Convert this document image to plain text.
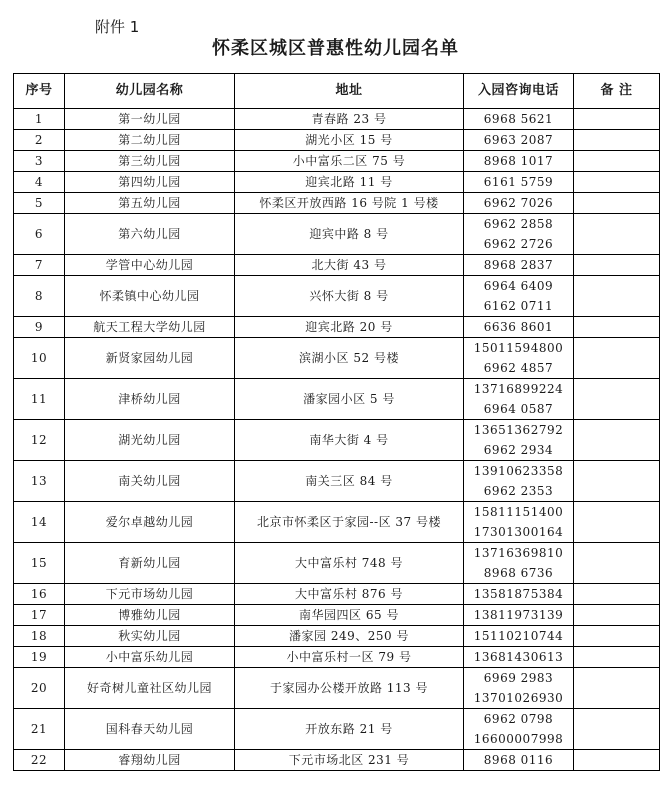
附件 1
怀柔区城区普惠性幼儿园名单
序号	幼儿园名称	地址	入园咨询电话	备 注
1	第一幼儿园	青春路 23 号	6968 5621	

2	第二幼儿园	湖光小区 15 号	6963 2087	

3	第三幼儿园	小中富乐二区 75 号	8968 1017	

4	第四幼儿园	迎宾北路 11 号	6161 5759	

5	第五幼儿园	怀柔区开放西路 16 号院 1 号楼	6962 7026	

6	第六幼儿园	迎宾中路 8 号	6962 2858
6962 2726	

7	学管中心幼儿园	北大街 43 号	8968 2837	

8	怀柔镇中心幼儿园	兴怀大街 8 号	6964 6409
6162 0711	

9	航天工程大学幼儿园	迎宾北路 20 号	6636 8601	

10	新贤家园幼儿园	滨湖小区 52 号楼	15011594800
6962 4857	

11	津桥幼儿园	潘家园小区 5 号	13716899224
6964 0587	

12	湖光幼儿园	南华大街 4 号	13651362792
6962 2934	

13	南关幼儿园	南关三区 84 号	13910623358
6962 2353	

14	爱尔卓越幼儿园	北京市怀柔区于家园--区 37 号楼	15811151400
17301300164	

15	育新幼儿园	大中富乐村 748 号	13716369810
8968 6736	

16	下元市场幼儿园	大中富乐村 876 号	13581875384	

17	博雅幼儿园	南华园四区 65 号	13811973139	

18	秋实幼儿园	潘家园 249、250 号	15110210744	

19	小中富乐幼儿园	小中富乐村一区 79 号	13681430613	

20	好奇树儿童社区幼儿园	于家园办公楼开放路 113 号	6969 2983
13701026930	

21	国科春天幼儿园	开放东路 21 号	6962 0798
16600007998	

22	睿翔幼儿园	下元市场北区 231 号	8968 0116	
